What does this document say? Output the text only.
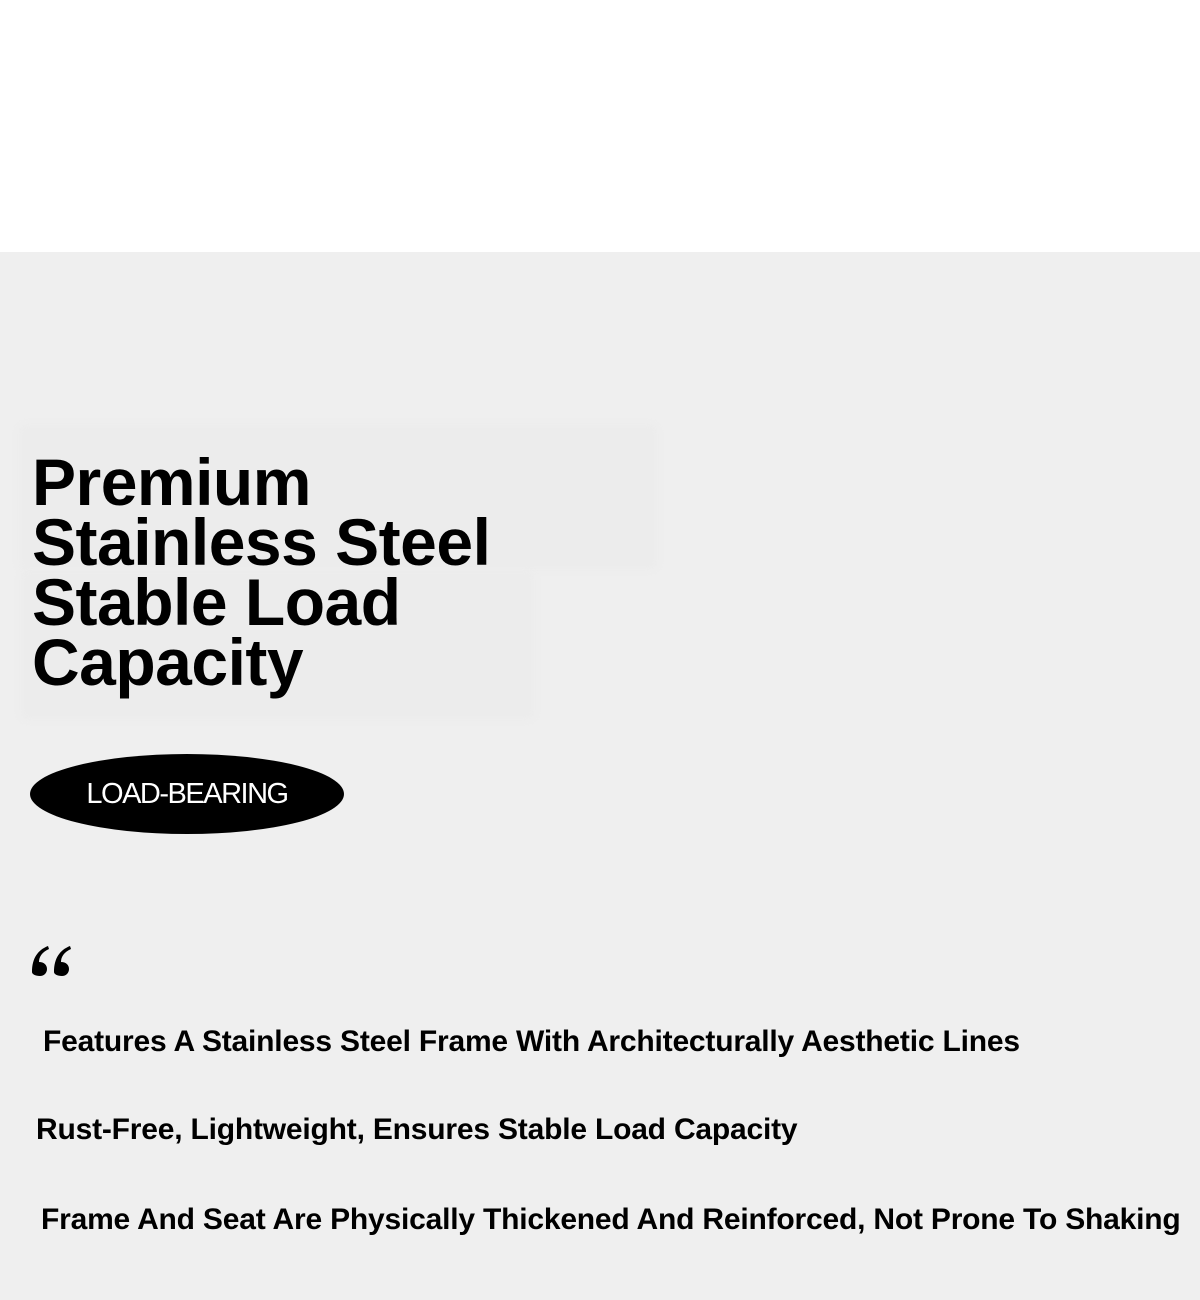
Premium
Stainless Steel
Stable Load
Capacity
LOAD-BEARING

Features A Stainless Steel Frame With Architecturally Aesthetic Lines

Rust-Free, Lightweight, Ensures Stable Load Capacity

Frame And Seat Are Physically Thickened And Reinforced, Not Prone To Shaking
